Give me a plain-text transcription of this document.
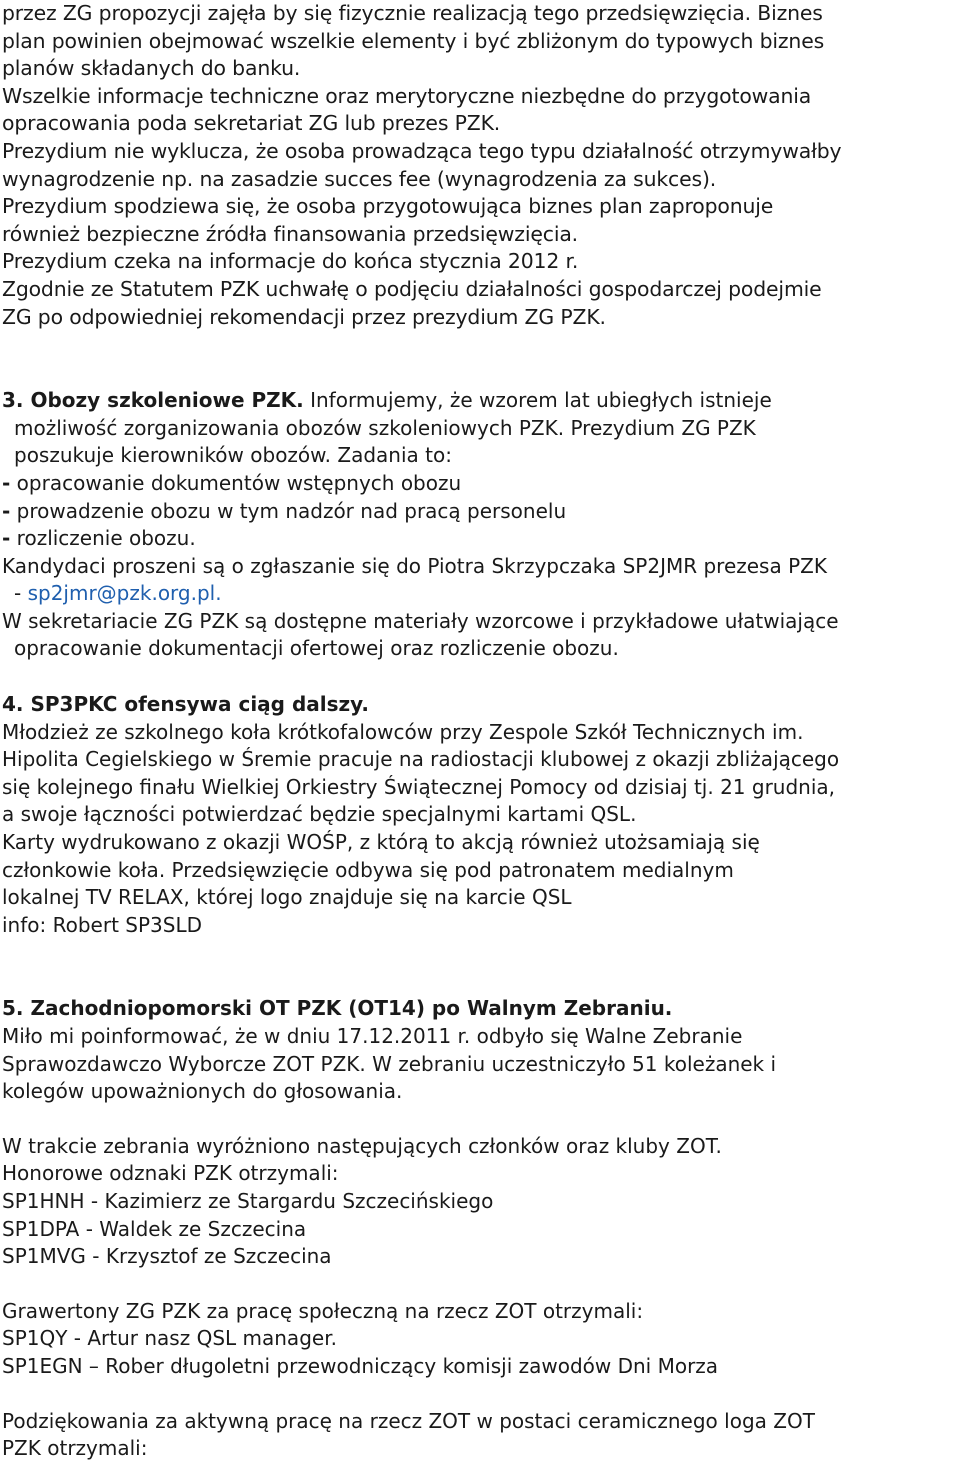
przez ZG propozycji zajęła by się fizycznie realizacją tego przedsięwzięcia. Biznes

plan powinien obejmować wszelkie elementy i być zbliżonym do typowych biznes

planów składanych do banku.

Wszelkie informacje techniczne oraz merytoryczne niezbędne do przygotowania

opracowania poda sekretariat ZG lub prezes PZK.

Prezydium nie wyklucza, że osoba prowadząca tego typu działalność otrzymywałby

wynagrodzenie np. na zasadzie succes fee (wynagrodzenia za sukces).

Prezydium spodziewa się, że osoba przygotowująca biznes plan zaproponuje

również bezpieczne źródła finansowania przedsięwzięcia.

Prezydium czeka na informacje do końca stycznia 2012 r.

Zgodnie ze Statutem PZK uchwałę o podjęciu działalności gospodarczej podejmie

ZG po odpowiedniej rekomendacji przez prezydium ZG PZK.

3. Obozy szkoleniowe PZK. Informujemy, że wzorem lat ubiegłych istnieje

możliwość zorganizowania obozów szkoleniowych PZK. Prezydium ZG PZK

poszukuje kierowników obozów. Zadania to:

- opracowanie dokumentów wstępnych obozu

- prowadzenie obozu w tym nadzór nad pracą personelu

- rozliczenie obozu.

Kandydaci proszeni są o zgłaszanie się do Piotra Skrzypczaka SP2JMR prezesa PZK

- sp2jmr@pzk.org.pl.

W sekretariacie ZG PZK są dostępne materiały wzorcowe i przykładowe ułatwiające

opracowanie dokumentacji ofertowej oraz rozliczenie obozu.

4. SP3PKC ofensywa ciąg dalszy.

Młodzież ze szkolnego koła krótkofalowców przy Zespole Szkół Technicznych im.

Hipolita Cegielskiego w Śremie pracuje na radiostacji klubowej z okazji zbliżającego

się kolejnego finału Wielkiej Orkiestry Świątecznej Pomocy od dzisiaj tj. 21 grudnia,

a swoje łączności potwierdzać będzie specjalnymi kartami QSL.

Karty wydrukowano z okazji WOŚP, z którą to akcją również utożsamiają się

członkowie koła. Przedsięwzięcie odbywa się pod patronatem medialnym

lokalnej TV RELAX, której logo znajduje się na karcie QSL

info: Robert SP3SLD

5. Zachodniopomorski OT PZK (OT14) po Walnym Zebraniu.

Miło mi poinformować, że w dniu 17.12.2011 r. odbyło się Walne Zebranie

Sprawozdawczo Wyborcze ZOT PZK. W zebraniu uczestniczyło 51 koleżanek i

kolegów upoważnionych do głosowania.

W trakcie zebrania wyróżniono następujących członków oraz kluby ZOT.

Honorowe odznaki PZK otrzymali:

SP1HNH - Kazimierz ze Stargardu Szczecińskiego

SP1DPA - Waldek ze Szczecina

SP1MVG - Krzysztof ze Szczecina

Grawertony ZG PZK za pracę społeczną na rzecz ZOT otrzymali:

SP1QY - Artur nasz QSL manager.

SP1EGN – Rober długoletni przewodniczący komisji zawodów Dni Morza

Podziękowania za aktywną pracę na rzecz ZOT w postaci ceramicznego loga ZOT

PZK otrzymali:
